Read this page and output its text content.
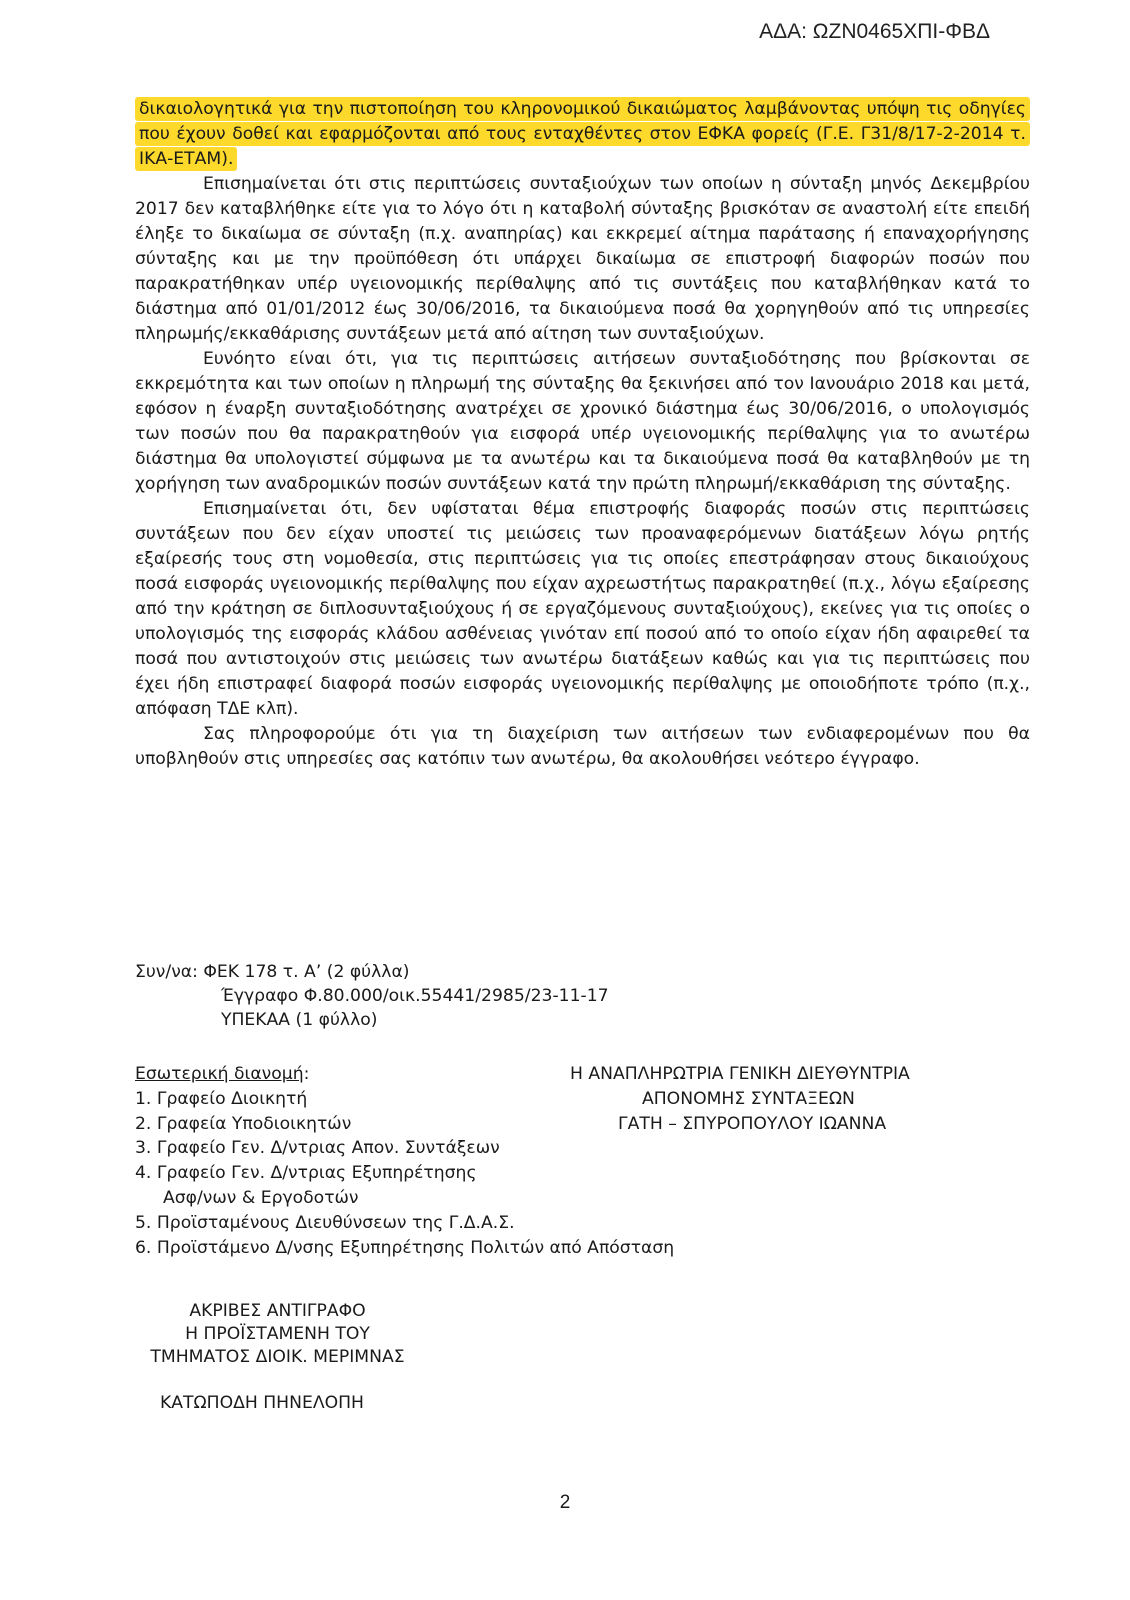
ΑΔΑ: ΩΖΝ0465ΧΠΙ-ΦΒΔ

δικαιολογητικά για την πιστοποίηση του κληρονομικού δικαιώματος λαμβάνοντας υπόψη τις οδηγίες που έχουν δοθεί και εφαρμόζονται από τους ενταχθέντες στον ΕΦΚΑ φορείς (Γ.Ε. Γ31/8/17-2-2014 τ. ΙΚΑ-ΕΤΑΜ).

Επισημαίνεται ότι στις περιπτώσεις συνταξιούχων των οποίων η σύνταξη μηνός Δεκεμβρίου 2017 δεν καταβλήθηκε είτε για το λόγο ότι η καταβολή σύνταξης βρισκόταν σε αναστολή είτε επειδή έληξε το δικαίωμα σε σύνταξη (π.χ. αναπηρίας) και εκκρεμεί αίτημα παράτασης ή επαναχορήγησης σύνταξης και με την προϋπόθεση ότι υπάρχει δικαίωμα σε επιστροφή διαφορών ποσών που παρακρατήθηκαν υπέρ υγειονομικής περίθαλψης από τις συντάξεις που καταβλήθηκαν κατά το διάστημα από 01/01/2012 έως 30/06/2016, τα δικαιούμενα ποσά θα χορηγηθούν από τις υπηρεσίες πληρωμής/εκκαθάρισης συντάξεων μετά από αίτηση των συνταξιούχων.

Ευνόητο είναι ότι, για τις περιπτώσεις αιτήσεων συνταξιοδότησης που βρίσκονται σε εκκρεμότητα και των οποίων η πληρωμή της σύνταξης θα ξεκινήσει από τον Ιανουάριο 2018 και μετά, εφόσον η έναρξη συνταξιοδότησης ανατρέχει σε χρονικό διάστημα έως 30/06/2016, ο υπολογισμός των ποσών που θα παρακρατηθούν για εισφορά υπέρ υγειονομικής περίθαλψης για το ανωτέρω διάστημα θα υπολογιστεί σύμφωνα με τα ανωτέρω και τα δικαιούμενα ποσά θα καταβληθούν με τη χορήγηση των αναδρομικών ποσών συντάξεων κατά την πρώτη πληρωμή/εκκαθάριση της σύνταξης.

Επισημαίνεται ότι, δεν υφίσταται θέμα επιστροφής διαφοράς ποσών στις περιπτώσεις συντάξεων που δεν είχαν υποστεί τις μειώσεις των προαναφερόμενων διατάξεων λόγω ρητής εξαίρεσής τους στη νομοθεσία, στις περιπτώσεις για τις οποίες επεστράφησαν στους δικαιούχους ποσά εισφοράς υγειονομικής περίθαλψης που είχαν αχρεωστήτως παρακρατηθεί (π.χ., λόγω εξαίρεσης από την κράτηση σε διπλοσυνταξιούχους ή σε εργαζόμενους συνταξιούχους), εκείνες για τις οποίες ο υπολογισμός της εισφοράς κλάδου ασθένειας γινόταν επί ποσού από το οποίο είχαν ήδη αφαιρεθεί τα ποσά που αντιστοιχούν στις μειώσεις των ανωτέρω διατάξεων καθώς και για τις περιπτώσεις που έχει ήδη επιστραφεί διαφορά ποσών εισφοράς υγειονομικής περίθαλψης με οποιοδήποτε τρόπο (π.χ., απόφαση ΤΔΕ κλπ).

Σας πληροφορούμε ότι για τη διαχείριση των αιτήσεων των ενδιαφερομένων που θα υποβληθούν στις υπηρεσίες σας κατόπιν των ανωτέρω, θα ακολουθήσει νεότερο έγγραφο.

Συν/να: ΦΕΚ 178 τ. Α’ (2 φύλλα)
Έγγραφο Φ.80.000/οικ.55441/2985/23-11-17
ΥΠΕΚΑΑ (1 φύλλο)
Εσωτερική διανομή:
1. Γραφείο Διοικητή
2. Γραφεία Υποδιοικητών
3. Γραφείο Γεν. Δ/ντριας Απον. Συντάξεων
4. Γραφείο Γεν. Δ/ντριας Εξυπηρέτησης
Ασφ/νων & Εργοδοτών
5. Προϊσταμένους Διευθύνσεων της Γ.Δ.Α.Σ.
6. Προϊστάμενο Δ/νσης Εξυπηρέτησης Πολιτών από Απόσταση
Η ΑΝΑΠΛΗΡΩΤΡΙΑ ΓΕΝΙΚΗ ΔΙΕΥΘΥΝΤΡΙΑ
ΑΠΟΝΟΜΗΣ ΣΥΝΤΑΞΕΩΝ
ΓΑΤΗ – ΣΠΥΡΟΠΟΥΛΟΥ ΙΩΑΝΝΑ
ΑΚΡΙΒΕΣ ΑΝΤΙΓΡΑΦΟ
Η ΠΡΟΪΣΤΑΜΕΝΗ ΤΟΥ
ΤΜΗΜΑΤΟΣ ΔΙΟΙΚ. ΜΕΡΙΜΝΑΣ
ΚΑΤΩΠΟΔΗ ΠΗΝΕΛΟΠΗ
2
